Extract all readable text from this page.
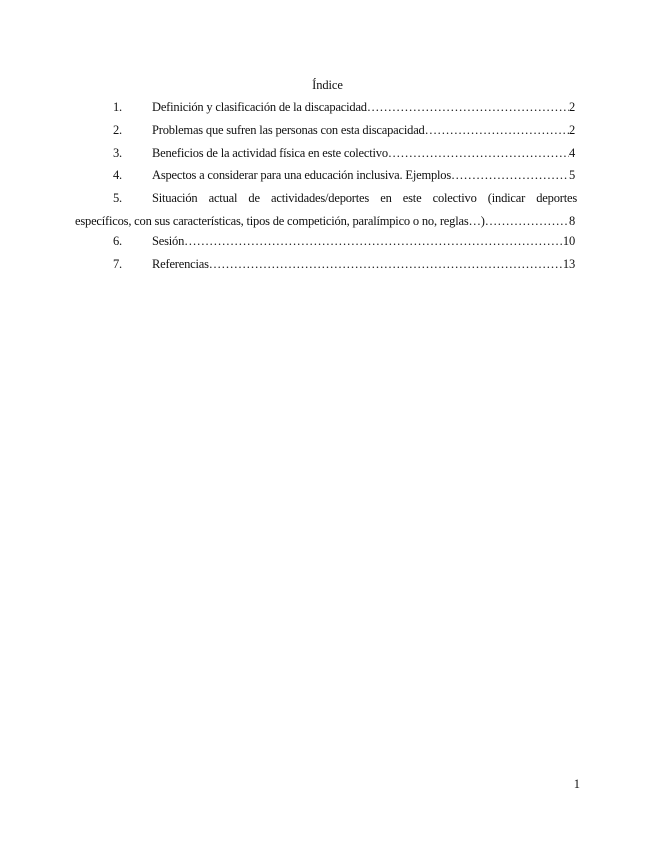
Índice
1.	Definición y clasificación de la discapacidad …………………………………………………………………………………………………………………………………………………………………	2
2.	Problemas que sufren las personas con esta discapacidad …………………………………………………………………………………………………………………………………………………………………	2
3.	Beneficios de la actividad física en este colectivo …………………………………………………………………………………………………………………………………………………………………	4
4.	Aspectos a considerar para una educación inclusiva. Ejemplos …………………………………………………………………………………………………………………………………………………………………	5
5.	Situación actual de actividades/deportes en este colectivo (indicar deportes
específicos, con sus características, tipos de competición, paralímpico o no, reglas…) …………………………………………………………………………………………………………………………………………………………………	8
6.	Sesión …………………………………………………………………………………………………………………………………………………………………	10
7.	Referencias …………………………………………………………………………………………………………………………………………………………………	13
1
